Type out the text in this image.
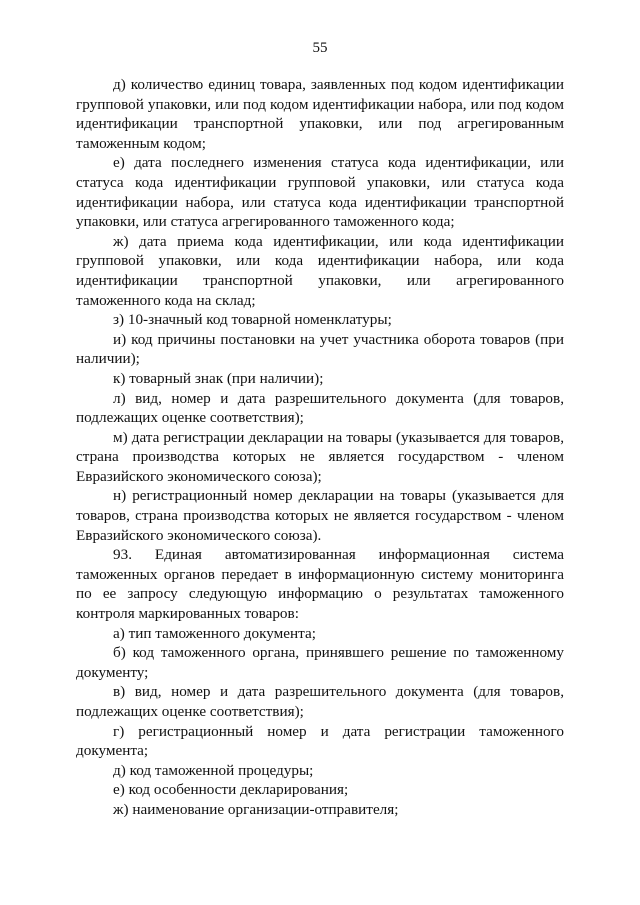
55

д) количество единиц товара, заявленных под кодом идентификации групповой упаковки, или под кодом идентификации набора, или под кодом идентификации транспортной упаковки, или под агрегированным таможенным кодом;

е) дата последнего изменения статуса кода идентификации, или статуса кода идентификации групповой упаковки, или статуса кода идентификации набора, или статуса кода идентификации транспортной упаковки, или статуса агрегированного таможенного кода;

ж) дата приема кода идентификации, или кода идентификации групповой упаковки, или кода идентификации набора, или кода идентификации транспортной упаковки, или агрегированного таможенного кода на склад;

з) 10-значный код товарной номенклатуры;

и) код причины постановки на учет участника оборота товаров (при наличии);

к) товарный знак (при наличии);

л) вид, номер и дата разрешительного документа (для товаров, подлежащих оценке соответствия);

м) дата регистрации декларации на товары (указывается для товаров, страна производства которых не является государством - членом Евразийского экономического союза);

н) регистрационный номер декларации на товары (указывается для товаров, страна производства которых не является государством - членом Евразийского экономического союза).

93. Единая автоматизированная информационная система таможенных органов передает в информационную систему мониторинга по ее запросу следующую информацию о результатах таможенного контроля маркированных товаров:

а) тип таможенного документа;

б) код таможенного органа, принявшего решение по таможенному документу;

в) вид, номер и дата разрешительного документа (для товаров, подлежащих оценке соответствия);

г) регистрационный номер и дата регистрации таможенного документа;

д) код таможенной процедуры;

е) код особенности декларирования;

ж) наименование организации-отправителя;
